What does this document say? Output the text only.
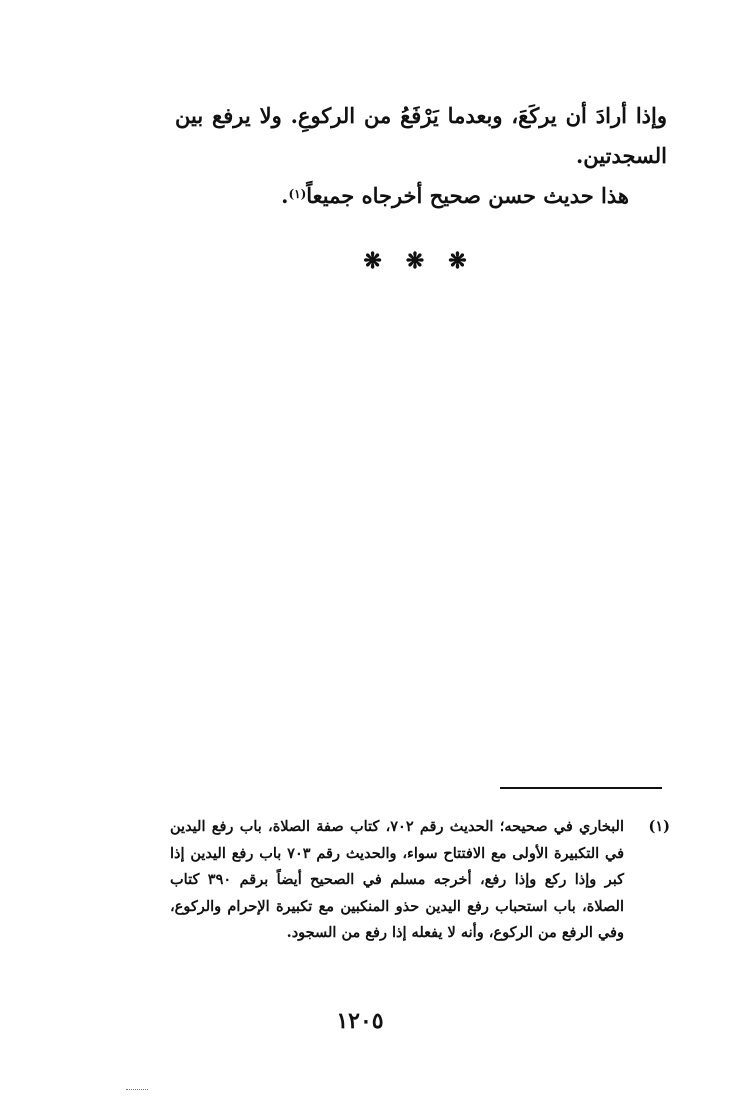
وإذا أرادَ أن يركَعَ، وبعدما يَرْفَعُ من الركوعِ. ولا يرفع بين السجدتين.

هذا حديث حسن صحيح أخرجاه جميعاً$^{(١)}$.

❋ ❋ ❋
(١)
البخاري في صحيحه؛ الحديث رقم ٧٠٢، كتاب صفة الصلاة، باب رفع اليدين في التكبيرة الأولى مع الافتتاح سواء، والحديث رقم ٧٠٣ باب رفع اليدين إذا كبر وإذا ركع وإذا رفع، أخرجه مسلم في الصحيح أيضاً برقم ٣٩٠ كتاب الصلاة، باب استحباب رفع اليدين حذو المنكبين مع تكبيرة الإحرام والركوع، وفي الرفع من الركوع، وأنه لا يفعله إذا رفع من السجود.
١٢٠٥
